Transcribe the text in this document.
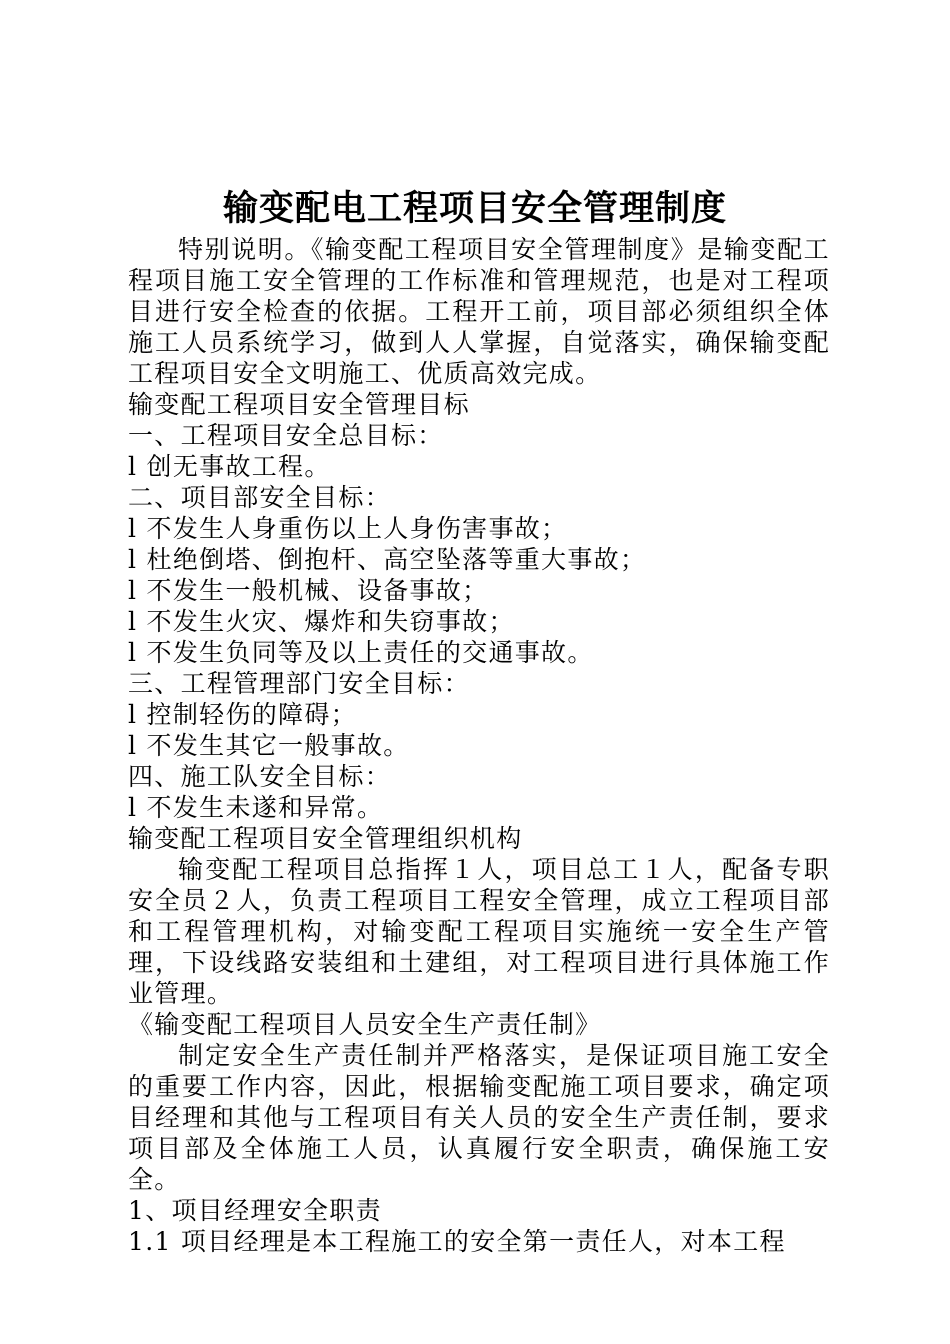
输变配电工程项目安全管理制度

特别说明。《输变配工程项目安全管理制度》是输变配工程项目施工安全管理的工作标准和管理规范，也是对工程项目进行安全检查的依据。工程开工前，项目部必须组织全体施工人员系统学习，做到人人掌握，自觉落实，确保输变配工程项目安全文明施工、优质高效完成。

输变配工程项目安全管理目标

一、工程项目安全总目标：

l 创无事故工程。

二、项目部安全目标：

l 不发生人身重伤以上人身伤害事故；

l 杜绝倒塔、倒抱杆、高空坠落等重大事故；

l 不发生一般机械、设备事故；

l 不发生火灾、爆炸和失窃事故；

l 不发生负同等及以上责任的交通事故。

三、工程管理部门安全目标：

l 控制轻伤的障碍；

l 不发生其它一般事故。

四、施工队安全目标：

l 不发生未遂和异常。

输变配工程项目安全管理组织机构

输变配工程项目总指挥１人，项目总工１人，配备专职安全员２人，负责工程项目工程安全管理，成立工程项目部和工程管理机构，对输变配工程项目实施统一安全生产管理，下设线路安装组和土建组，对工程项目进行具体施工作业管理。

《输变配工程项目人员安全生产责任制》

制定安全生产责任制并严格落实，是保证项目施工安全的重要工作内容，因此，根据输变配施工项目要求，确定项目经理和其他与工程项目有关人员的安全生产责任制，要求项目部及全体施工人员，认真履行安全职责，确保施工安全。

1、项目经理安全职责

1.1 项目经理是本工程施工的安全第一责任人，对本工程
